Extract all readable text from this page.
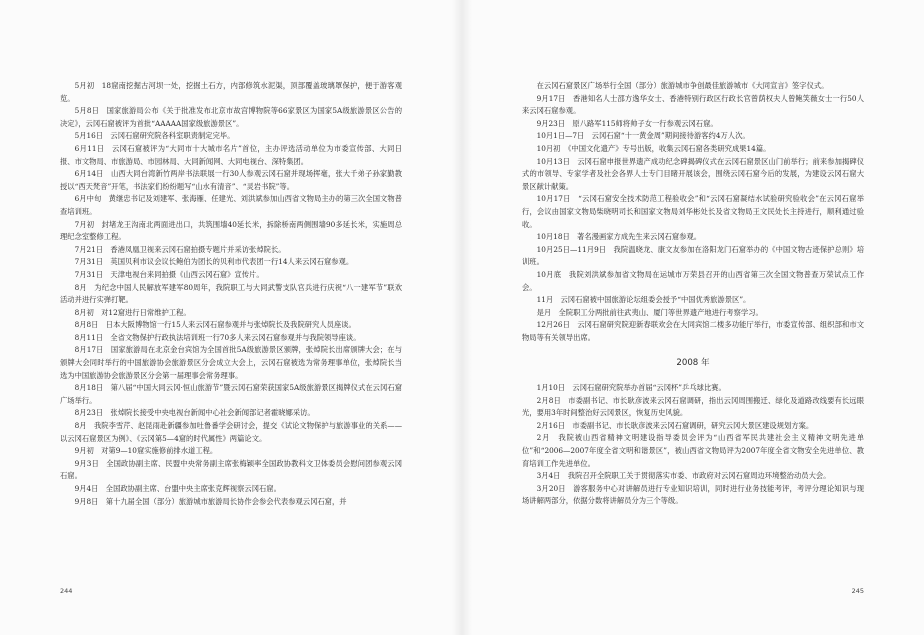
5月初　18窟南挖掘古河坝一处，挖掘土石方，内部修筑水泥渠，顶部覆盖玻璃罩保护，便于游客观览。

5月8日　国家旅游局公布《关于批准发布北京市故宫博物院等66家景区为国家5A级旅游景区公告的决定》，云冈石窟被评为首批“AAAAA国家级旅游景区”。

5月16日　云冈石窟研究院各科室职责制定完毕。

6月11日　云冈石窟被评为“大同市十大城市名片”首位，主办评选活动单位为市委宣传部、大同日报、市文物局、市旅游局、市园林局、大同新闻网、大同电视台、深特集团。

6月14日　山西大同台湾新竹两岸书法联展一行30人参观云冈石窟并现场挥毫，张大千弟子孙家勤教授以“西天梵音”开笔，书法家们纷纷题写“山水有清音”、“灵岩书院”等。

6月中旬　黄继忠书记及刘建军、张海雁、任建光、刘洪斌参加山西省文物局主办的第三次全国文物普查培训班。

7月初　封堵龙王沟南北两面进出口，共筑围墙40延长米，拆除桥南两侧围墙90多延长米，实施周总理纪念室整修工程。

7月21日　香港凤凰卫视来云冈石窟拍摄专题片并采访张焯院长。

7月31日　英国贝利市议会议长鲍伯为团长的贝利市代表团一行14人来云冈石窟参观。

7月31日　天津电视台来同拍摄《山西云冈石窟》宣传片。

8月　为纪念中国人民解放军建军80周年，我院职工与大同武警支队官兵进行庆祝“八一建军节”联欢活动并进行实弹打靶。

8月初　对12窟进行日常维护工程。

8月8日　日本大阪博物馆一行15人来云冈石窟参观并与张焯院长及我院研究人员座谈。

8月11日　全省文物保护行政执法培训班一行70多人来云冈石窟参观并与我院领导座谈。

8月17日　国家旅游局在北京金台宾馆为全国首批5A级旅游景区颁牌，张焯院长出席颁牌大会；在与颁牌大会同时举行的中国旅游协会旅游景区分会成立大会上，云冈石窟被选为常务理事单位，张焯院长当选为中国旅游协会旅游景区分会第一届理事会常务理事。

8月18日　第八届“中国大同云冈·恒山旅游节”暨云冈石窟荣获国家5A级旅游景区揭牌仪式在云冈石窟广场举行。

8月23日　张焯院长接受中央电视台新闻中心社会新闻部记者霍晓娜采访。

8月　我院李雪芹、赵昆雨赴新疆参加吐鲁番学会研讨会，提交《试论文物保护与旅游事业的关系——以云冈石窟景区为例》、《云冈第5—4窟的时代属性》两篇论文。

9月初　对第9—10窟实施修前排水道工程。

9月3日　全国政协副主席、民盟中央常务副主席张梅颖率全国政协教科文卫体委员会慰问团参观云冈石窟。

9月4日　全国政协副主席、台盟中央主席张克辉视察云冈石窟。

9月8日　第十九届全国（部分）旅游城市旅游局长协作会参会代表参观云冈石窟，并

244

在云冈石窟景区广场举行全国（部分）旅游城市争创最佳旅游城市《大同宣言》签字仪式。

9月17日　香港知名人士邵方逸华女士、香港特别行政区行政长官曾荫权夫人曾鲍笑薇女士一行50人来云冈石窟参观。

9月23日　原八路军115师将帅子女一行参观云冈石窟。

10月1日—7日　云冈石窟“十一黄金周”期间接待游客约4万人次。

10月初　《中国文化遗产》专号出版，收集云冈石窟各类研究成果14篇。

10月13日　云冈石窟申报世界遗产成功纪念碑揭碑仪式在云冈石窟景区山门前举行；前来参加揭碑仪式的市领导、专家学者及社会各界人士专门目睹开展该会，围绕云冈石窟今后的发展，为建设云冈石窟大景区献计献策。

10月17日　“云冈石窟安全技术防范工程验收会”和“云冈石窟凝结水试验研究验收会”在云冈石窟举行，会议由国家文物局柴晓明司长和国家文物局刘华彬处长及省文物局王文民处长主持进行，顺利通过验收。

10月18日　著名漫画家方成先生来云冈石窟参观。

10月25日—11月9日　我院温晓龙、康文友参加在洛阳龙门石窟举办的《中国文物古迹保护总则》培训班。

10月底　我院刘洪斌参加省文物局在运城市万荣县召开的山西省第三次全国文物普查万荣试点工作会。

11月　云冈石窟被中国旅游论坛组委会授予“中国优秀旅游景区”。

是月　全院职工分两批前往武夷山、厦门等世界遗产地进行考察学习。

12月26日　云冈石窟研究院迎新春联欢会在大同宾馆二楼多功能厅举行，市委宣传部、组织部和市文物局等有关领导出席。

2008 年

1月10日　云冈石窟研究院举办首届“云冈杯”乒乓球比赛。

2月8日　市委副书记、市长耿彦波来云冈石窟调研，指出云冈周围搬迁、绿化及道路改线要有长远眼光，要用3年时间整治好云冈景区，恢复历史风貌。

2月16日　市委副书记、市长耿彦波来云冈石窟调研，研究云冈大景区建设规划方案。

2月　我院被山西省精神文明建设指导委员会评为“山西省军民共建社会主义精神文明先进单位”和“2006—2007年度全省文明和谐景区”，被山西省文物局评为2007年度全省文物安全先进单位、教育培训工作先进单位。

3月4日　我院召开全院职工关于贯彻落实市委、市政府对云冈石窟周边环境整治动员大会。

3月20日　游客服务中心对讲解员进行专业知识培训，同时进行业务技能考评，考评分理论知识与现场讲解两部分，依据分数将讲解员分为三个等级。

245
